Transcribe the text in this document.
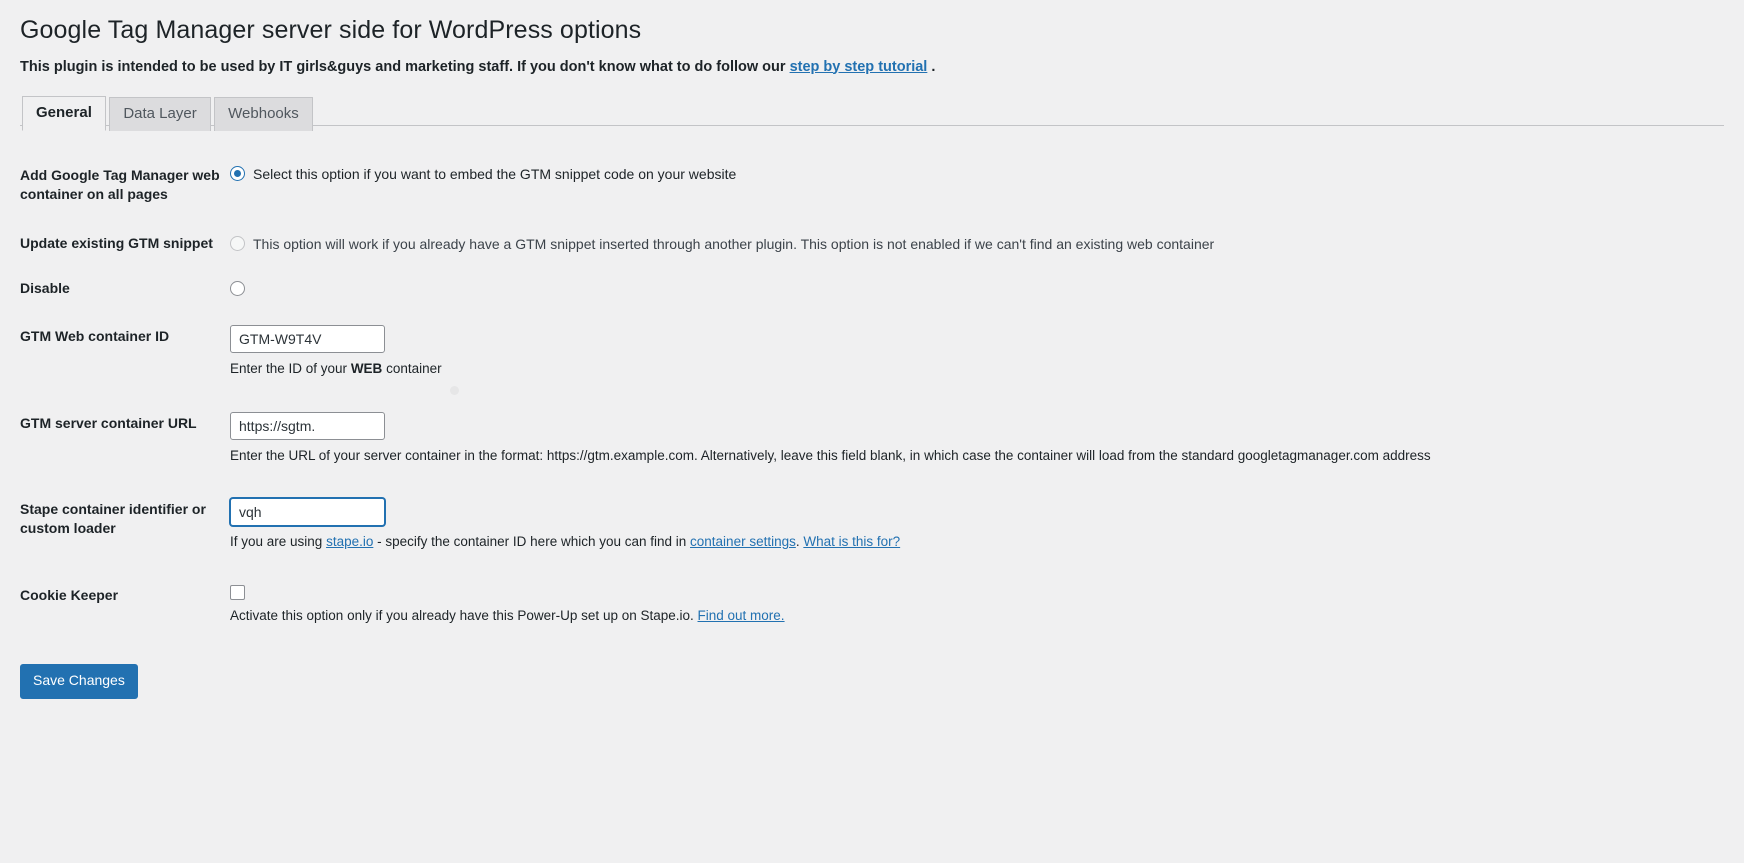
Google Tag Manager server side for WordPress options

This plugin is intended to be used by IT girls&guys and marketing staff. If you don't know what to do follow our step by step tutorial .

General Data Layer Webhooks
Add Google Tag Manager web container on all pages	Select this option if you want to embed the GTM snippet code on your website

Update existing GTM snippet	This option will work if you already have a GTM snippet inserted through another plugin. This option is not enabled if we can't find an existing web container

Disable	

GTM Web container ID	GTM-W9T4V
Enter the ID of your WEB container

GTM server container URL	https://sgtm.
Enter the URL of your server container in the format: https://gtm.example.com. Alternatively, leave this field blank, in which case the container will load from the standard googletagmanager.com address

Stape container identifier or custom loader	vqh
If you are using stape.io - specify the container ID here which you can find in container settings. What is this for?

Cookie Keeper	Activate this option only if you already have this Power-Up set up on Stape.io. Find out more.
Save Changes
